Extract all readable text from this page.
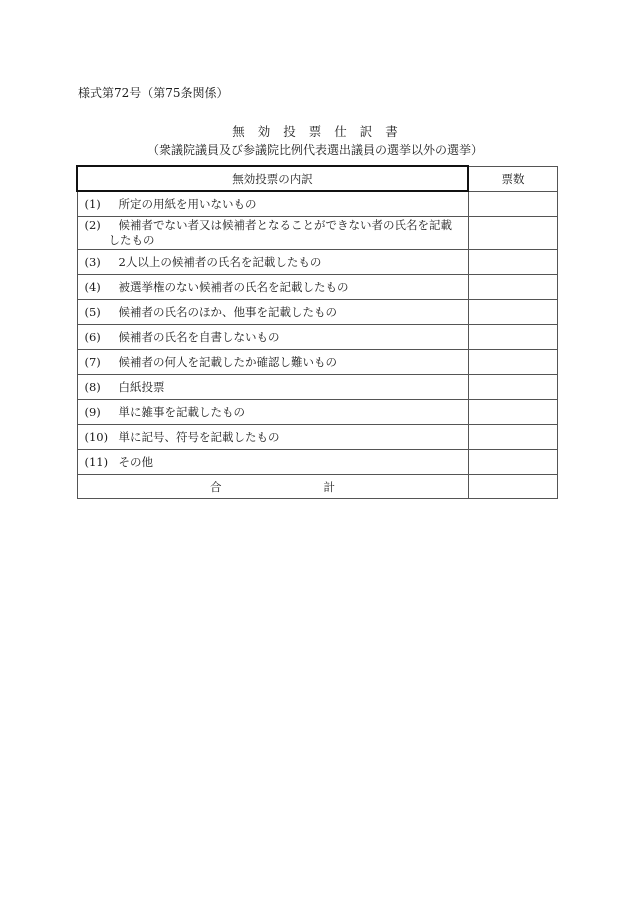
様式第72号（第75条関係）
無効投票仕訳書
（衆議院議員及び参議院比例代表選出議員の選挙以外の選挙）
無効投票の内訳	票数
(1) 所定の用紙を用いないもの	
(2) 候補者でない者又は候補者となることができない者の氏名を記載
したもの	

(3) 2人以上の候補者の氏名を記載したもの	
(4) 被選挙権のない候補者の氏名を記載したもの	
(5) 候補者の氏名のほか、他事を記載したもの	
(6) 候補者の氏名を自書しないもの	
(7) 候補者の何人を記載したか確認し難いもの	
(8) 白紙投票	
(9) 単に雑事を記載したもの	
(10) 単に記号、符号を記載したもの	
(11) その他	
合計	
